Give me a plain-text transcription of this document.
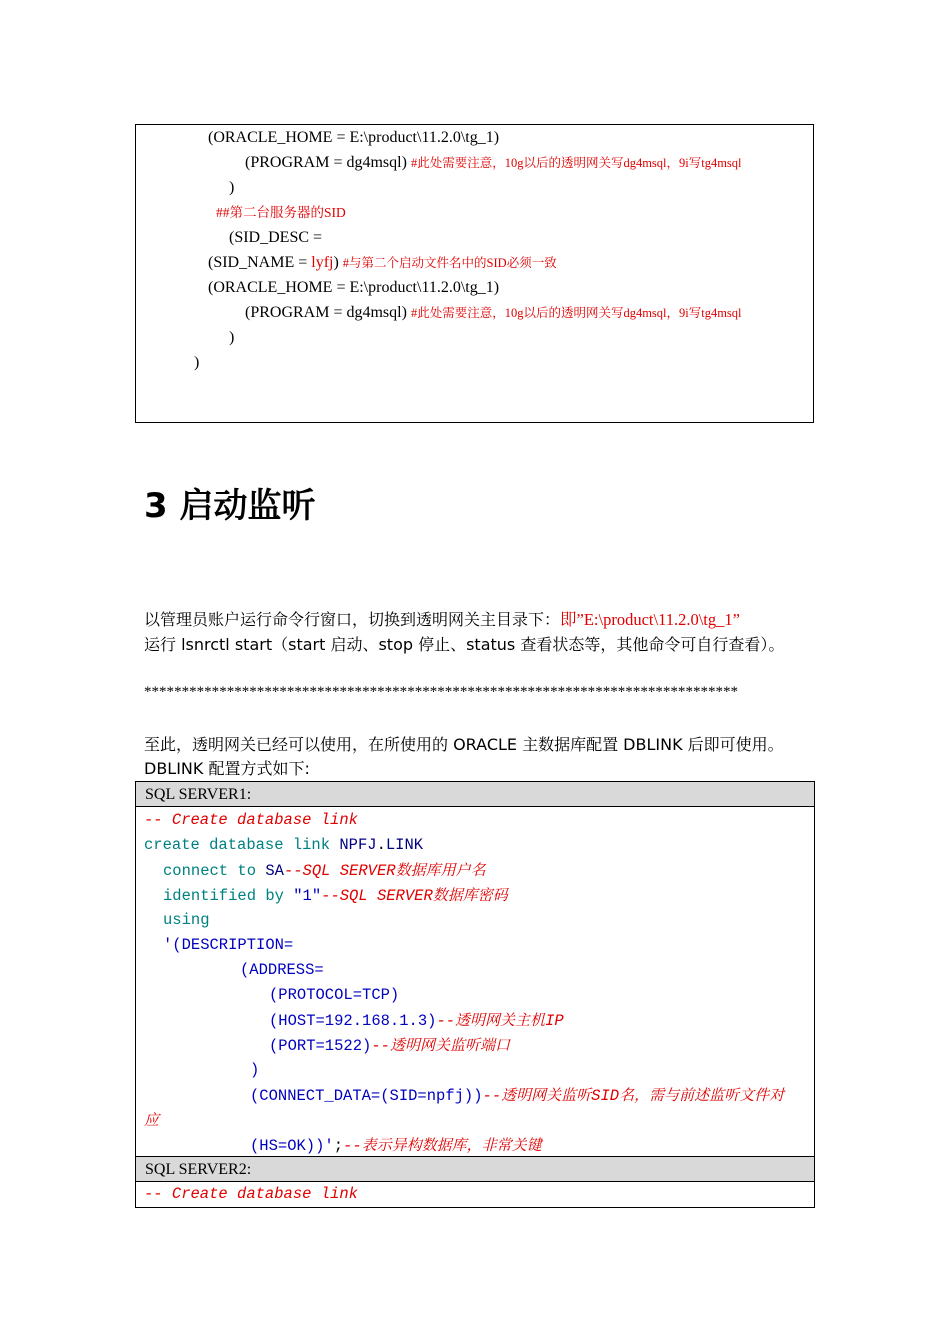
(ORACLE_HOME = E:\product\11.2.0\tg_1)
(PROGRAM = dg4msql) #此处需要注意，10g以后的透明网关写dg4msql，9i写tg4msql
)
##第二台服务器的SID
(SID_DESC =
(SID_NAME = lyfj) #与第二个启动文件名中的SID必须一致
(ORACLE_HOME = E:\product\11.2.0\tg_1)
(PROGRAM = dg4msql) #此处需要注意，10g以后的透明网关写dg4msql，9i写tg4msql
)
)
3 启动监听
以管理员账户运行命令行窗口，切换到透明网关主目录下：即”E:\product\11.2.0\tg_1”
运行 lsnrctl start（start 启动、stop 停止、status 查看状态等，其他命令可自行查看）。
*******************************************************************************
至此，透明网关已经可以使用，在所使用的 ORACLE 主数据库配置 DBLINK 后即可使用。
DBLINK 配置方式如下:
SQL SERVER1:
-- Create database link
create database link NPFJ.LINK
connect to SA--SQL SERVER数据库用户名
identified by "1"--SQL SERVER数据库密码
using
'(DESCRIPTION=
(ADDRESS=
(PROTOCOL=TCP)
(HOST=192.168.1.3)--透明网关主机IP
(PORT=1522)--透明网关监听端口
)
(CONNECT_DATA=(SID=npfj))--透明网关监听SID名，需与前述监听文件对
应
(HS=OK))';--表示异构数据库，非常关键
SQL SERVER2:
-- Create database link
